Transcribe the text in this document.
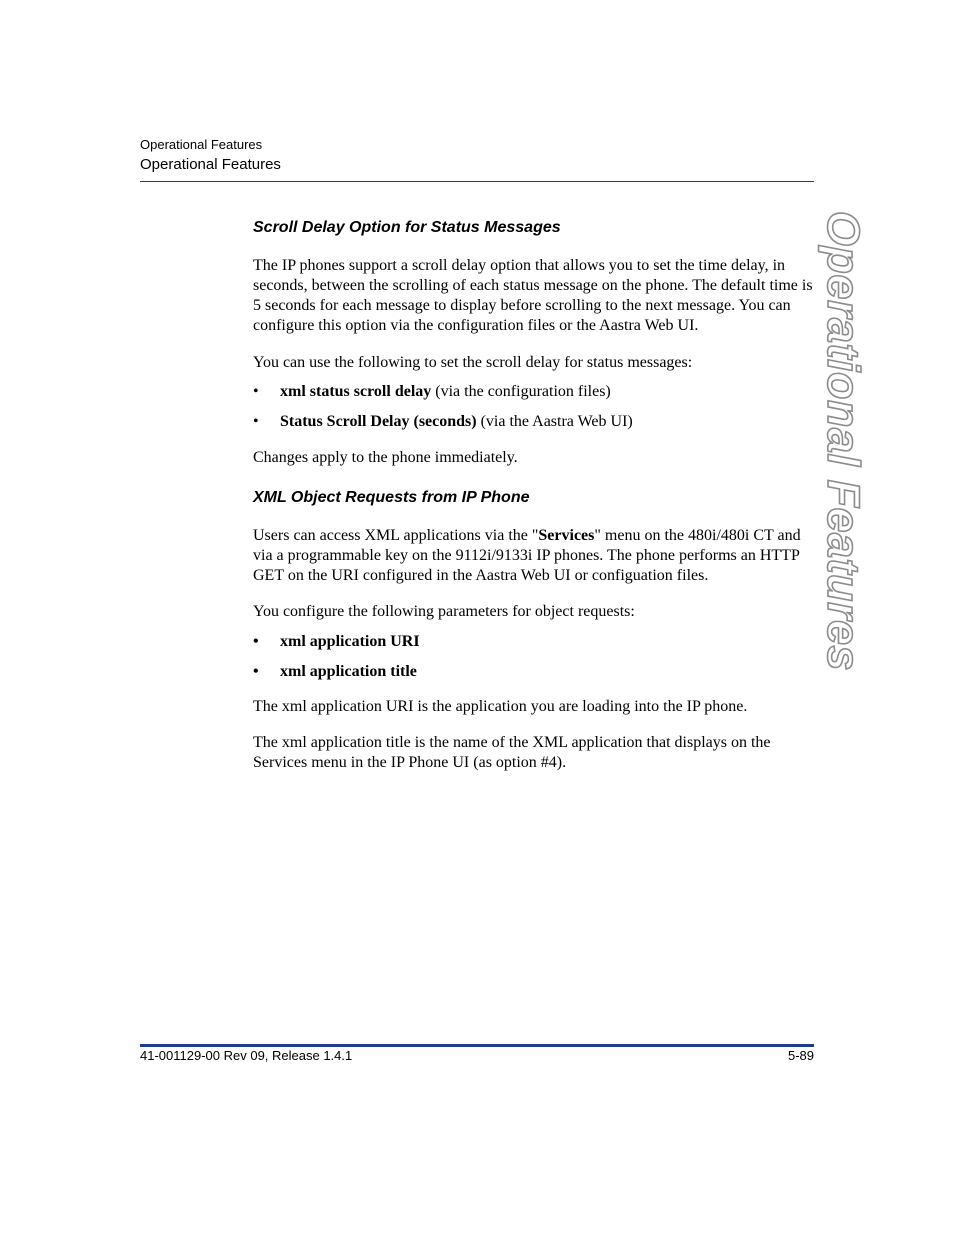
Operational Features
Operational Features
Operational Features
Scroll Delay Option for Status Messages
The IP phones support a scroll delay option that allows you to set the time delay, in seconds, between the scrolling of each status message on the phone. The default time is 5 seconds for each message to display before scrolling to the next message. You can configure this option via the configuration files or the Aastra Web UI.
You can use the following to set the scroll delay for status messages:
• xml status scroll delay (via the configuration files)
• Status Scroll Delay (seconds) (via the Aastra Web UI)
Changes apply to the phone immediately.
XML Object Requests from IP Phone
Users can access XML applications via the "Services" menu on the 480i/480i CT and via a programmable key on the 9112i/9133i IP phones. The phone performs an HTTP GET on the URI configured in the Aastra Web UI or configuation files.
You configure the following parameters for object requests:
• xml application URI
• xml application title
The xml application URI is the application you are loading into the IP phone.
The xml application title is the name of the XML application that displays on the Services menu in the IP Phone UI (as option #4).
41-001129-00 Rev 09, Release 1.4.1	5-89
